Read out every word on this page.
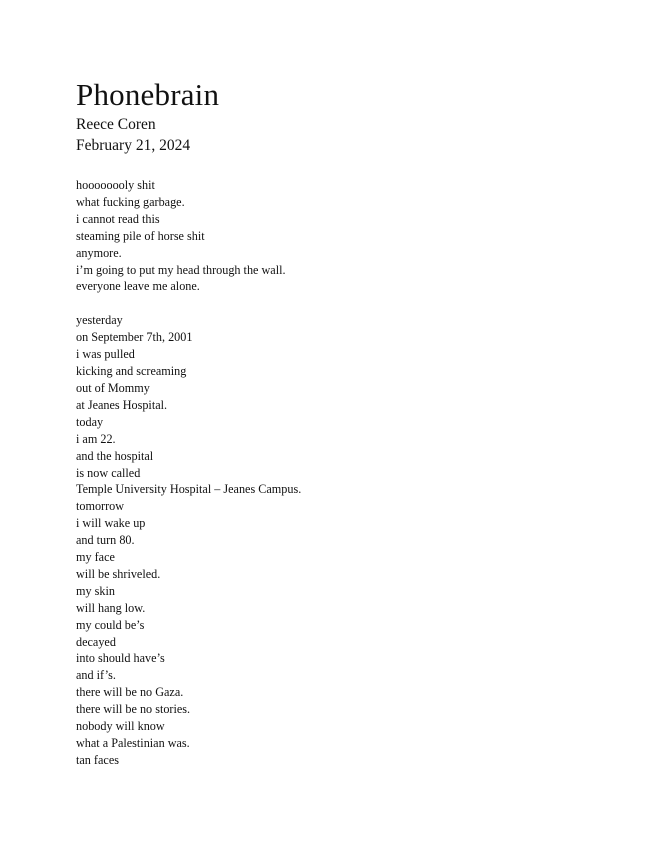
Phonebrain

Reece Coren

February 21, 2024

hoooooooly shit
what fucking garbage.
i cannot read this
steaming pile of horse shit
anymore.
i’m going to put my head through the wall.
everyone leave me alone.
yesterday
on September 7th, 2001
i was pulled
kicking and screaming
out of Mommy
at Jeanes Hospital.
today
i am 22.
and the hospital
is now called
Temple University Hospital – Jeanes Campus.
tomorrow
i will wake up
and turn 80.
my face
will be shriveled.
my skin
will hang low.
my could be’s
decayed
into should have’s
and if’s.
there will be no Gaza.
there will be no stories.
nobody will know
what a Palestinian was.
tan faces
